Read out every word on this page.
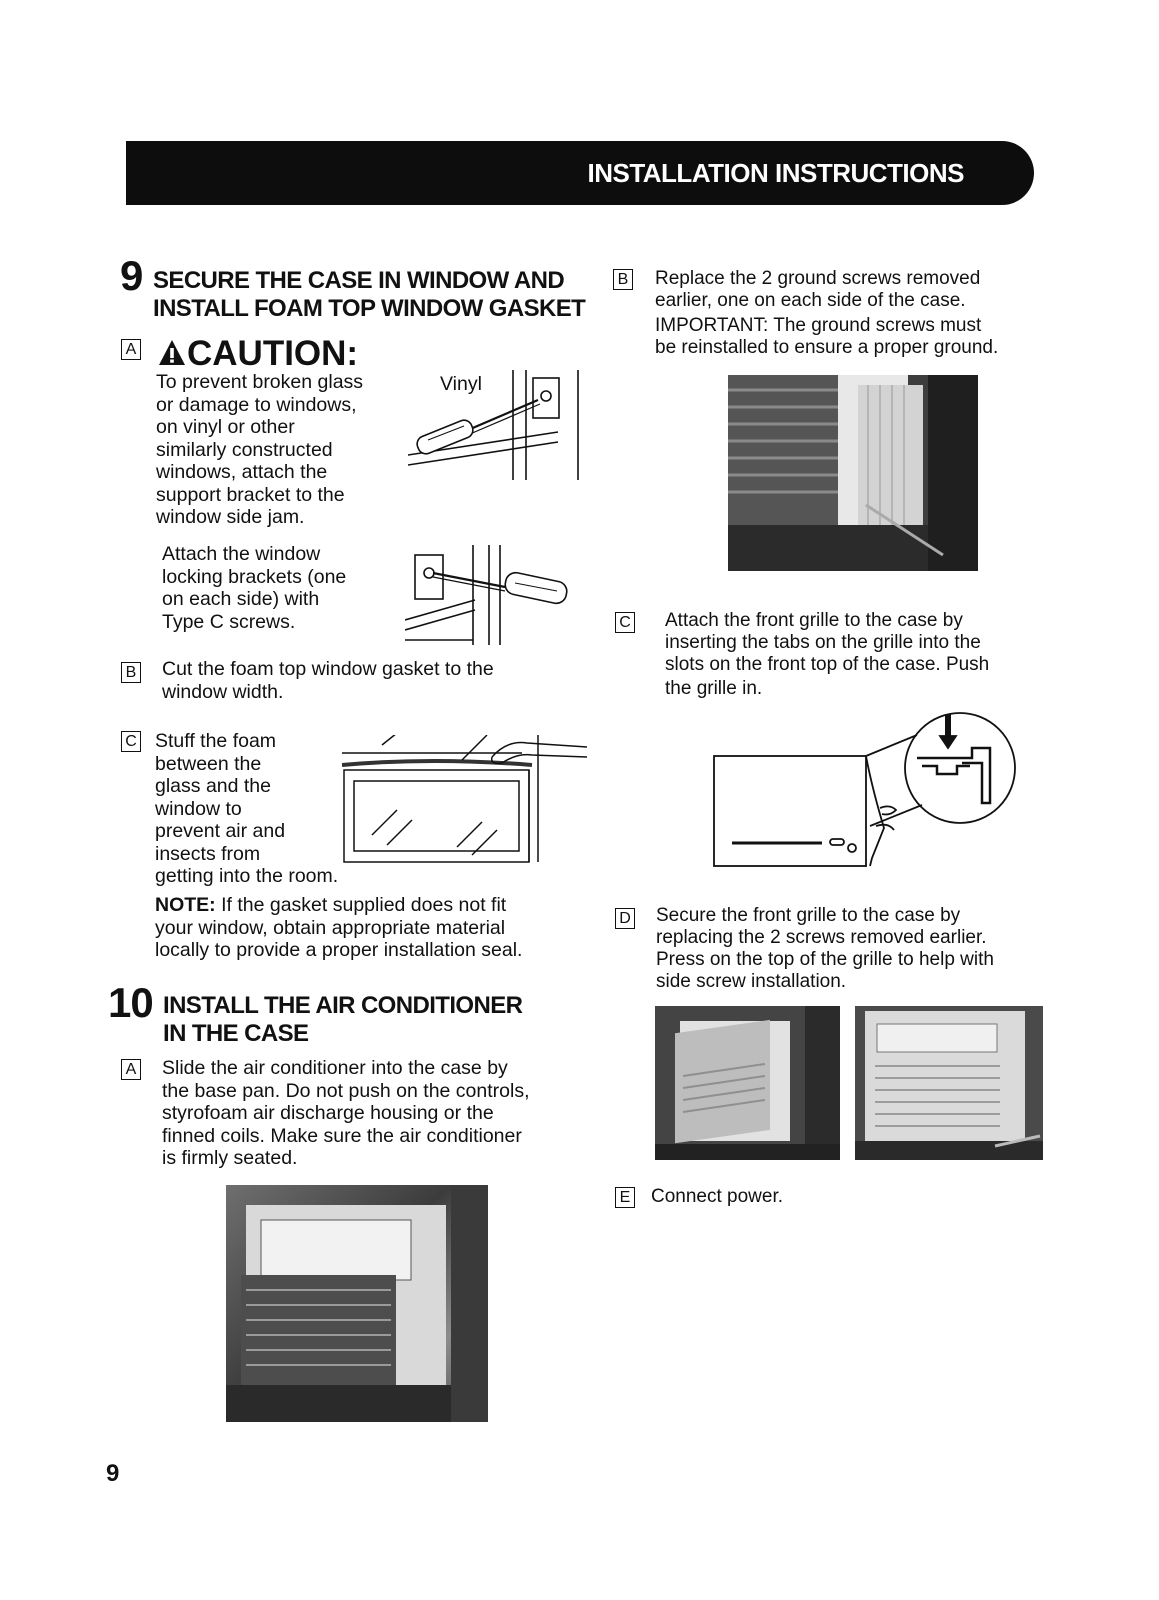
INSTALLATION INSTRUCTIONS
9 SECURE THE CASE IN WINDOW AND
INSTALL FOAM TOP WINDOW GASKET
A	CAUTION:
To prevent broken glass
or damage to windows,
on vinyl or other
similarly constructed
windows, attach the
support bracket to the
window side jam.
Vinyl
Attach the window
locking brackets (one
on each side) with
Type C screws.
B Cut the foam top window gasket to the
window width.
C Stuff the foam
between the
glass and the
window to
prevent air and
insects from
getting into the room.
NOTE: If the gasket supplied does not fit
your window, obtain appropriate material
locally to provide a proper installation seal.
10 INSTALL THE AIR CONDITIONER
IN THE CASE
A Slide the air conditioner into the case by
the base pan. Do not push on the controls,
styrofoam air discharge housing or the
finned coils. Make sure the air conditioner
is firmly seated.
9
B Replace the 2 ground screws removed
earlier, one on each side of the case.
IMPORTANT: The ground screws must
be reinstalled to ensure a proper ground.
C Attach the front grille to the case by
inserting the tabs on the grille into the
slots on the front top of the case. Push
the grille in.
D Secure the front grille to the case by
replacing the 2 screws removed earlier.
Press on the top of the grille to help with
side screw installation.
E Connect power.
